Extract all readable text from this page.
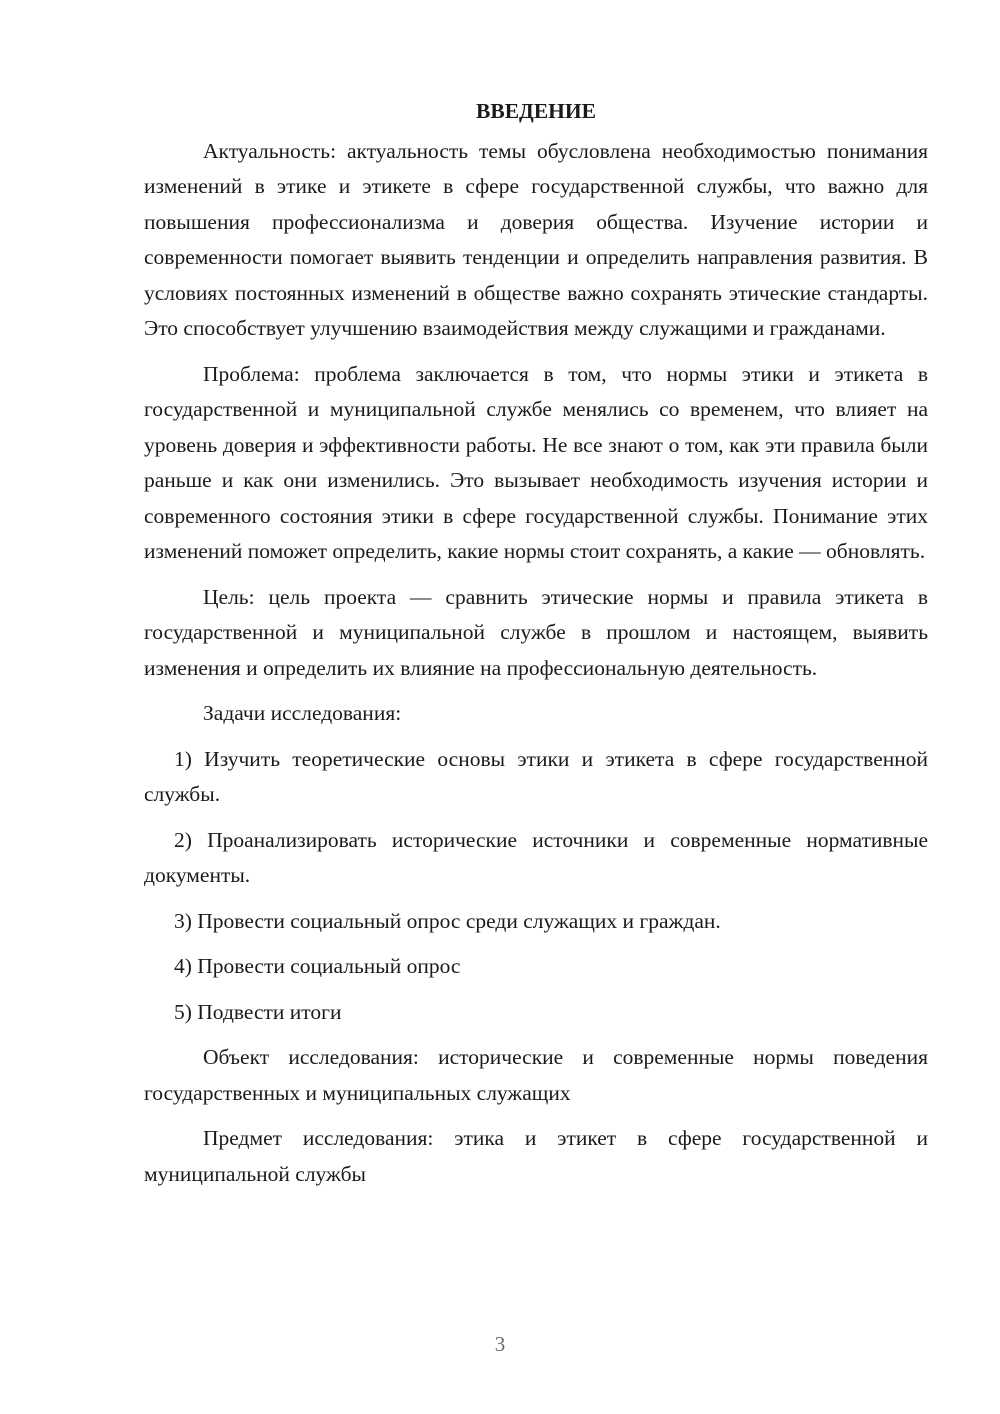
ВВЕДЕНИЕ

Актуальность: актуальность темы обусловлена необходимостью понимания изменений в этике и этикете в сфере государственной службы, что важно для повышения профессионализма и доверия общества. Изучение истории и современности помогает выявить тенденции и определить направления развития. В условиях постоянных изменений в обществе важно сохранять этические стандарты. Это способствует улучшению взаимодействия между служащими и гражданами.

Проблема: проблема заключается в том, что нормы этики и этикета в государственной и муниципальной службе менялись со временем, что влияет на уровень доверия и эффективности работы. Не все знают о том, как эти правила были раньше и как они изменились. Это вызывает необходимость изучения истории и современного состояния этики в сфере государственной службы. Понимание этих изменений поможет определить, какие нормы стоит сохранять, а какие — обновлять.

Цель: цель проекта — сравнить этические нормы и правила этикета в государственной и муниципальной службе в прошлом и настоящем, выявить изменения и определить их влияние на профессиональную деятельность.

Задачи исследования:

1) Изучить теоретические основы этики и этикета в сфере государственной службы.

2) Проанализировать исторические источники и современные нормативные документы.

3) Провести социальный опрос среди служащих и граждан.

4) Провести социальный опрос

5) Подвести итоги

Объект исследования: исторические и современные нормы поведения государственных и муниципальных служащих

Предмет исследования: этика и этикет в сфере государственной и муниципальной службы

3
